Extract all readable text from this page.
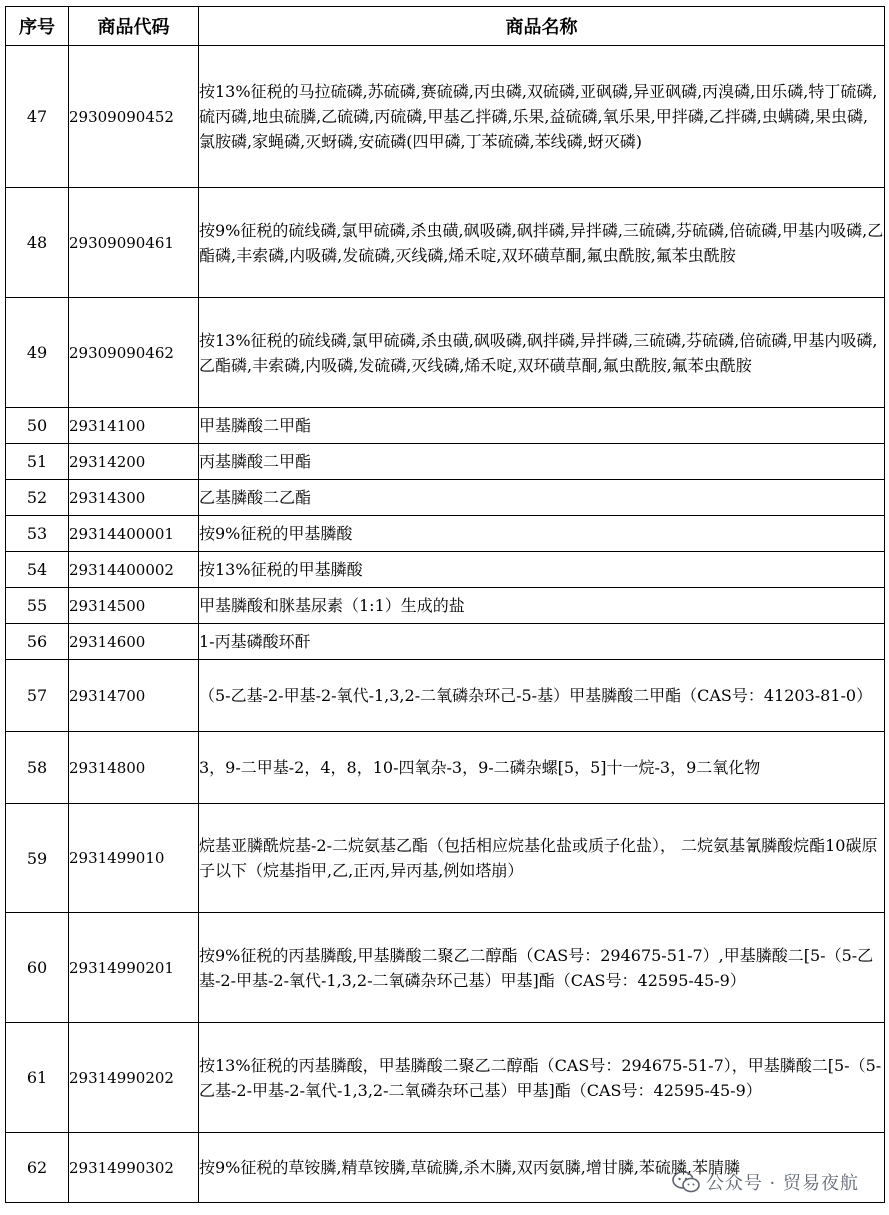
序号	商品代码	商品名称
47	29309090452	按13%征税的马拉硫磷,苏硫磷,赛硫磷,丙虫磷,双硫磷,亚砜磷,异亚砜磷,丙溴磷,田乐磷,特丁硫磷,硫丙磷,地虫硫膦,乙硫磷,丙硫磷,甲基乙拌磷,乐果,益硫磷,氧乐果,甲拌磷,乙拌磷,虫螨磷,果虫磷,氯胺磷,家蝇磷,灭蚜磷,安硫磷(四甲磷,丁苯硫磷,苯线磷,蚜灭磷)
48	29309090461	按9%征税的硫线磷,氯甲硫磷,杀虫磺,砜吸磷,砜拌磷,异拌磷,三硫磷,芬硫磷,倍硫磷,甲基内吸磷,乙酯磷,丰索磷,内吸磷,发硫磷,灭线磷,烯禾啶,双环磺草酮,氟虫酰胺,氟苯虫酰胺
49	29309090462	按13%征税的硫线磷,氯甲硫磷,杀虫磺,砜吸磷,砜拌磷,异拌磷,三硫磷,芬硫磷,倍硫磷,甲基内吸磷,乙酯磷,丰索磷,内吸磷,发硫磷,灭线磷,烯禾啶,双环磺草酮,氟虫酰胺,氟苯虫酰胺
50	29314100	甲基膦酸二甲酯
51	29314200	丙基膦酸二甲酯
52	29314300	乙基膦酸二乙酯
53	29314400001	按9%征税的甲基膦酸
54	29314400002	按13%征税的甲基膦酸
55	29314500	甲基膦酸和脒基尿素（1:1）生成的盐
56	29314600	1-丙基磷酸环酐
57	29314700	（5-乙基-2-甲基-2-氧代-1,3,2-二氧磷杂环己-5-基）甲基膦酸二甲酯（CAS号：41203-81-0）
58	29314800	3，9-二甲基-2，4，8，10-四氧杂-3，9-二磷杂螺[5，5]十一烷-3，9二氧化物
59	2931499010	烷基亚膦酰烷基-2-二烷氨基乙酯（包括相应烷基化盐或质子化盐）， 二烷氨基氰膦酸烷酯10碳原子以下（烷基指甲,乙,正丙,异丙基,例如塔崩）
60	29314990201	按9%征税的丙基膦酸,甲基膦酸二聚乙二醇酯（CAS号：294675-51-7）,甲基膦酸二[5-（5-乙基-2-甲基-2-氧代-1,3,2-二氧磷杂环己基）甲基]酯（CAS号：42595-45-9）
61	29314990202	按13%征税的丙基膦酸，甲基膦酸二聚乙二醇酯（CAS号：294675-51-7），甲基膦酸二[5-（5-乙基-2-甲基-2-氧代-1,3,2-二氧磷杂环己基）甲基]酯（CAS号：42595-45-9）
62	29314990302	按9%征税的草铵膦,精草铵膦,草硫膦,杀木膦,双丙氨膦,增甘膦,苯硫膦,苯腈膦
公众号 · 贸易夜航
